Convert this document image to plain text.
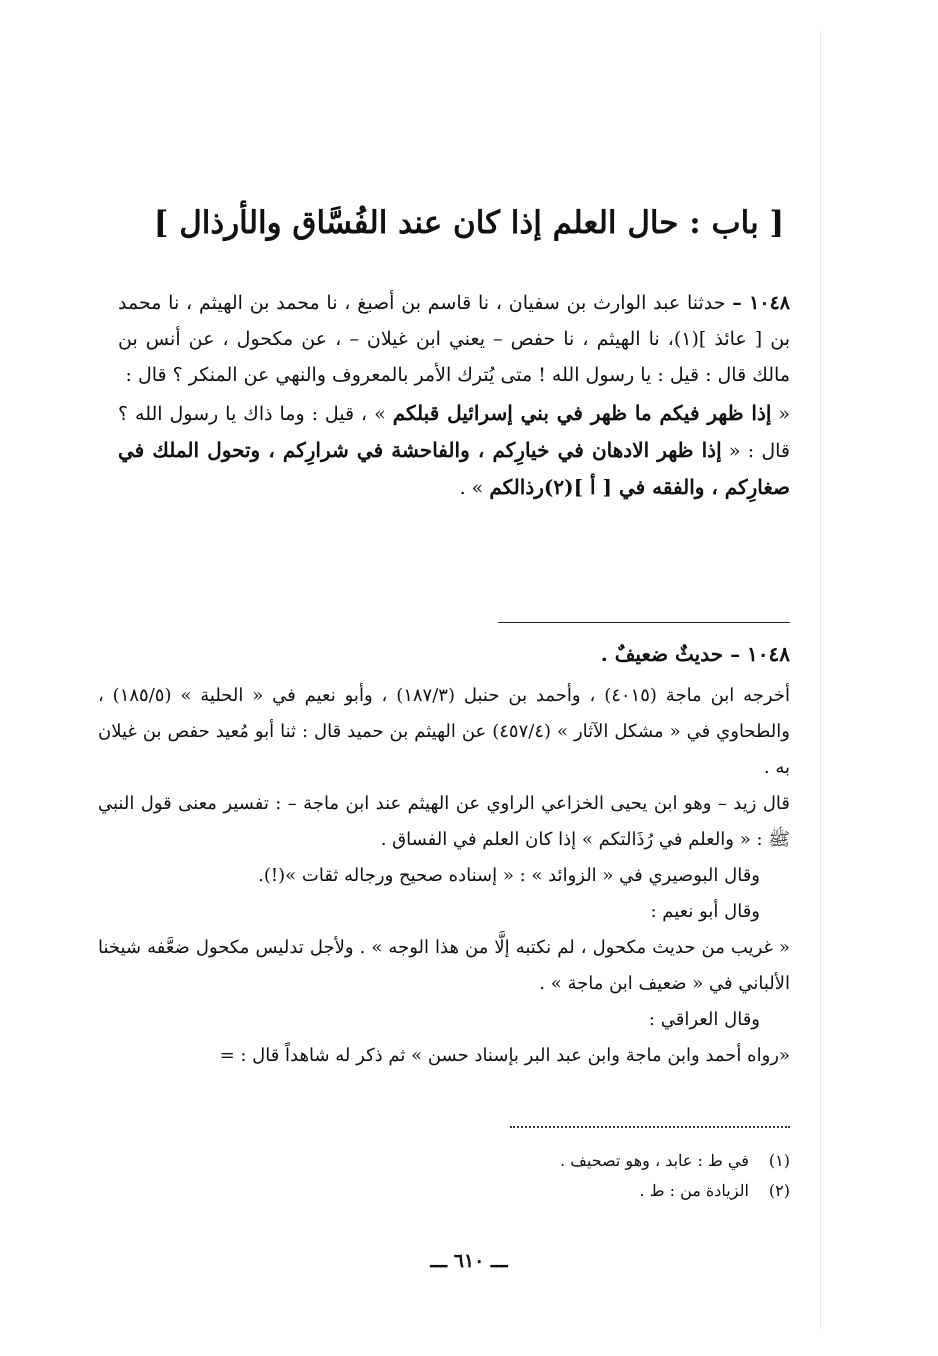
[ باب : حال العلم إذا كان عند الفُسَّاق والأرذال ]

١٠٤٨ – حدثنا عبد الوارث بن سفيان ، نا قاسم بن أصبغ ، نا محمد بن الهيثم ، نا محمد بن [ عائذ ](١)، نا الهيثم ، نا حفص – يعني ابن غيلان – ، عن مكحول ، عن أنس بن مالك قال : قيل : يا رسول الله ! متى يُترك الأمر بالمعروف والنهي عن المنكر ؟ قال :

« إذا ظهر فيكم ما ظهر في بني إسرائيل قبلكم » ، قيل : وما ذاك يا رسول الله ؟ قال : « إذا ظهر الادهان في خيارِكم ، والفاحشة في شرارِكم ، وتحول الملك في صغارِكم ، والفقه في [ أ ](٢)رذالكم » .

١٠٤٨ – حديثٌ ضعيفٌ .

أخرجه ابن ماجة (٤٠١٥) ، وأحمد بن حنبل (١٨٧/٣) ، وأبو نعيم في « الحلية » (١٨٥/٥) ، والطحاوي في « مشكل الآثار » (٤٥٧/٤) عن الهيثم بن حميد قال : ثنا أبو مُعيد حفص بن غيلان به .

قال زيد – وهو ابن يحيى الخزاعي الراوي عن الهيثم عند ابن ماجة – : تفسير معنى قول النبي ﷺ : « والعلم في رُذَالتكم » إذا كان العلم في الفساق .

وقال البوصيري في « الزوائد » : « إسناده صحيح ورجاله ثقات »(!).

وقال أبو نعيم :

« غريب من حديث مكحول ، لم نكتبه إلَّا من هذا الوجه » . ولأجل تدليس مكحول ضعَّفه شيخنا الألباني في « ضعيف ابن ماجة » .

وقال العراقي :

«رواه أحمد وابن ماجة وابن عبد البر بإسناد حسن » ثم ذكر له شاهداً قال : =

(١) في ط : عابد ، وهو تصحيف .
(٢) الزيادة من : ط .
ـــ ٦١٠ ـــ
